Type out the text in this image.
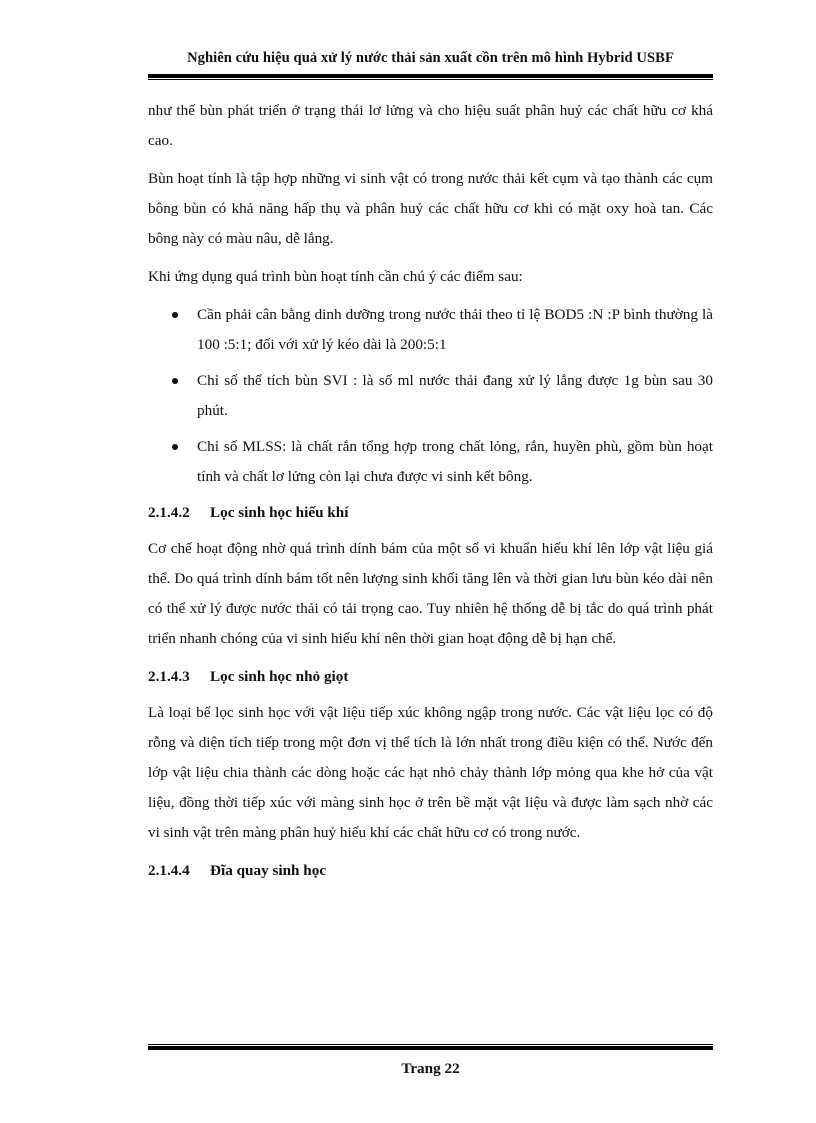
Nghiên cứu hiệu quả xử lý nước thải sản xuất cồn trên mô hình Hybrid USBF

như thế bùn phát triển ở trạng thái lơ lửng và cho hiệu suất phân huỷ các chất hữu cơ khá cao.

Bùn hoạt tính là tập hợp những vi sinh vật có trong nước thải kết cụm và tạo thành các cụm bông bùn có khả năng hấp thụ và phân huỷ các chất hữu cơ khi có mặt oxy hoà tan. Các bông này có màu nâu, dễ lắng.

Khi ứng dụng quá trình bùn hoạt tính cần chú ý các điểm sau:

Cần phải cân bằng dinh dưỡng trong nước thải theo tỉ lệ BOD5 :N :P bình thường là 100 :5:1; đối với xử lý kéo dài là 200:5:1
Chỉ số thể tích bùn SVI : là số ml nước thải đang xử lý lắng được 1g bùn sau 30 phút.
Chỉ số MLSS: là chất rắn tổng hợp trong chất lỏng, rắn, huyền phù, gồm bùn hoạt tính và chất lơ lửng còn lại chưa được vi sinh kết bông.
2.1.4.2 Lọc sinh học hiếu khí

Cơ chế hoạt động nhờ quá trình dính bám của một số vi khuẩn hiếu khí lên lớp vật liệu giá thể. Do quá trình dính bám tốt nên lượng sinh khối tăng lên và thời gian lưu bùn kéo dài nên có thể xử lý được nước thải có tải trọng cao. Tuy nhiên hệ thống dễ bị tắc do quá trình phát triển nhanh chóng của vi sinh hiếu khí nên thời gian hoạt động dễ bị hạn chế.

2.1.4.3 Lọc sinh học nhỏ giọt

Là loại bể lọc sinh học với vật liệu tiếp xúc không ngập trong nước. Các vật liệu lọc có độ rỗng và diện tích tiếp trong một đơn vị thể tích là lớn nhất trong điều kiện có thể. Nước đến lớp vật liệu chia thành các dòng hoặc các hạt nhỏ chảy thành lớp mỏng qua khe hở của vật liệu, đồng thời tiếp xúc với màng sinh học ở trên bề mặt vật liệu và được làm sạch nhờ các vi sinh vật trên màng phân huỷ hiếu khí các chất hữu cơ có trong nước.

2.1.4.4 Đĩa quay sinh học
Trang 22
